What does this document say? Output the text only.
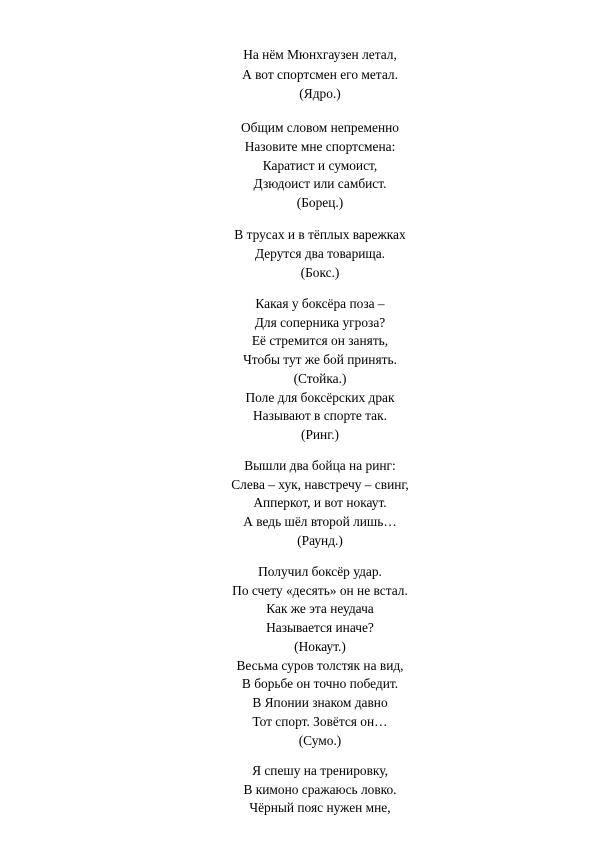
На нём Мюнхгаузен летал,
А вот спортсмен его метал.
(Ядро.)
Общим словом непременно
Назовите мне спортсмена:
Каратист и сумоист,
Дзюдоист или самбист.
(Борец.)
В трусах и в тёплых варежках
Дерутся два товарища.
(Бокс.)
Какая у боксёра поза –
Для соперника угроза?
Её стремится он занять,
Чтобы тут же бой принять.
(Стойка.)
Поле для боксёрских драк
Называют в спорте так.
(Ринг.)
Вышли два бойца на ринг:
Слева – хук, навстречу – свинг,
Апперкот, и вот нокаут.
А ведь шёл второй лишь…
(Раунд.)
Получил боксёр удар.
По счету «десять» он не встал.
Как же эта неудача
Называется иначе?
(Нокаут.)
Весьма суров толстяк на вид,
В борьбе он точно победит.
В Японии знаком давно
Тот спорт. Зовётся он…
(Сумо.)
Я спешу на тренировку,
В кимоно сражаюсь ловко.
Чёрный пояс нужен мне,
